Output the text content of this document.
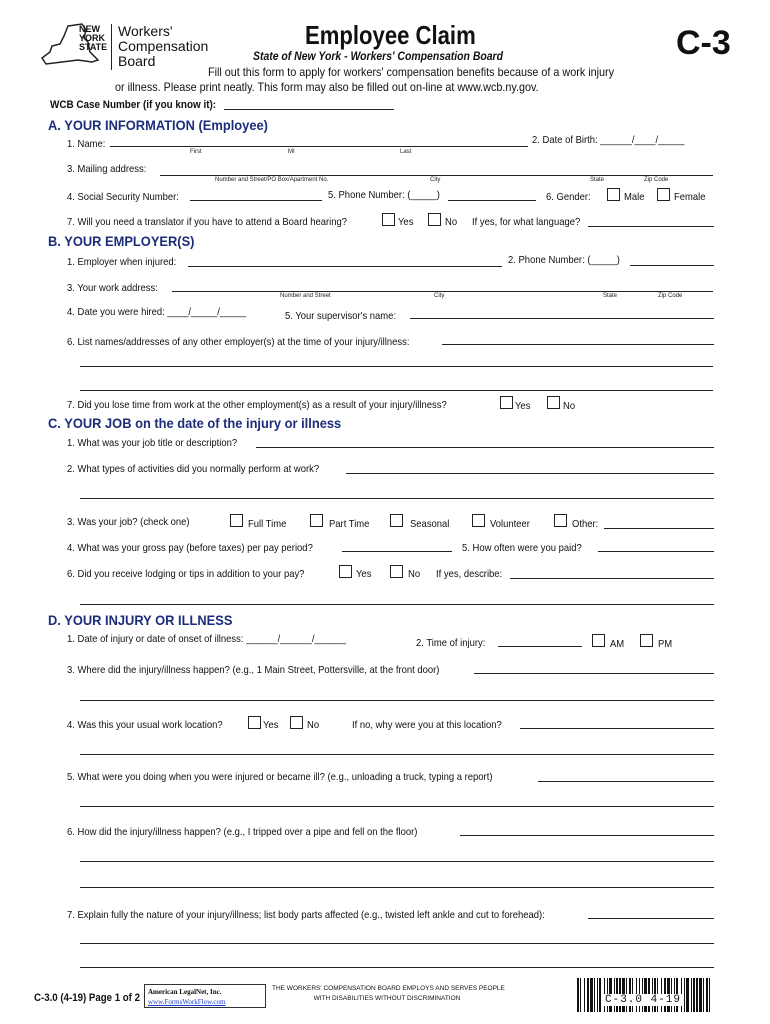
NEW
YORK
STATE
Workers'
Compensation
Board
Employee Claim	C-3
State of New York - Workers' Compensation Board
Fill out this form to apply for workers' compensation benefits because of a work injury
or illness. Please print neatly. This form may also be filled out on-line at www.wcb.ny.gov.
WCB Case Number (if you know it):
A. YOUR INFORMATION (Employee)
1. Name:
First	MI	Last
2. Date of Birth: ______/____/_____
3. Mailing address:
Number and Street/PO Box/Apartment No.	City	State	Zip Code
4. Social Security Number:	5. Phone Number: (_____)	6. Gender:	Male	Female
7. Will you need a translator if you have to attend a Board hearing?	Yes	No If yes, for what language?
B. YOUR EMPLOYER(S)
1. Employer when injured:	2. Phone Number: (_____)
3. Your work address:
Number and Street	City	State	Zip Code
4. Date you were hired: ____/_____/_____	5. Your supervisor's name:
6. List names/addresses of any other employer(s) at the time of your injury/illness:
7. Did you lose time from work at the other employment(s) as a result of your injury/illness?	Yes	No
C. YOUR JOB on the date of the injury or illness
1. What was your job title or description?
2. What types of activities did you normally perform at work?
3. Was your job? (check one)	Full Time	Part Time	Seasonal	Volunteer	Other:
4. What was your gross pay (before taxes) per pay period?	5. How often were you paid?
6. Did you receive lodging or tips in addition to your pay?	Yes	No If yes, describe:
D. YOUR INJURY OR ILLNESS
1. Date of injury or date of onset of illness: ______/______/______	2. Time of injury:	AM	PM
3. Where did the injury/illness happen? (e.g., 1 Main Street, Pottersville, at the front door)
4. Was this your usual work location?	Yes	No	If no, why were you at this location?
5. What were you doing when you were injured or became ill? (e.g., unloading a truck, typing a report)
6. How did the injury/illness happen? (e.g., I tripped over a pipe and fell on the floor)
7. Explain fully the nature of your injury/illness; list body parts affected (e.g., twisted left ankle and cut to forehead):
C-3.0 (4-19) Page 1 of 2 American LegalNet, Inc.
www.FormsWorkFlow.com
THE WORKERS' COMPENSATION BOARD EMPLOYS AND SERVES PEOPLE
WITH DISABILITIES WITHOUT DISCRIMINATION	C-3.0 4-19
